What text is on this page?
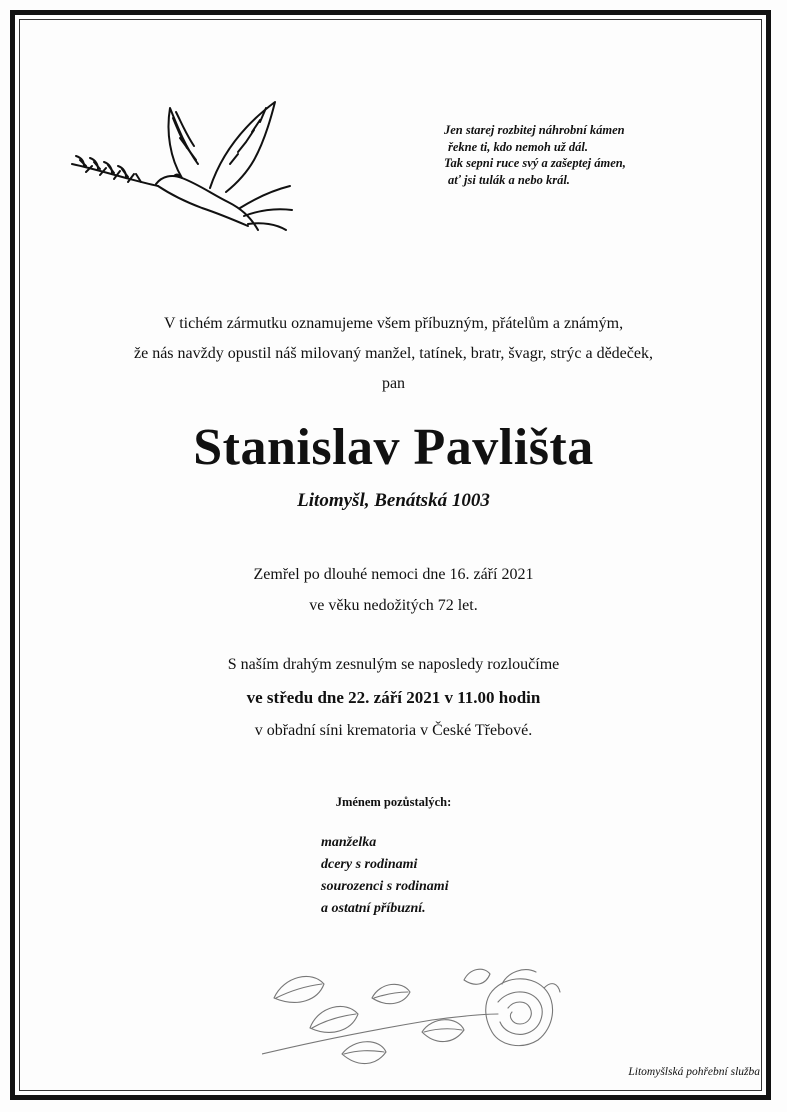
Jen starej rozbitej náhrobní kámen
řekne ti, kdo nemoh už dál.
Tak sepni ruce svý a zašeptej ámen,
ať jsi tulák a nebo král.
V tichém zármutku oznamujeme všem příbuzným, přátelům a známým,
že nás navždy opustil náš milovaný manžel, tatínek, bratr, švagr, strýc a dědeček,
pan
Stanislav Pavlišta
Litomyšl, Benátská 1003
Zemřel po dlouhé nemoci dne 16. září 2021
ve věku nedožitých 72 let.
S naším drahým zesnulým se naposledy rozloučíme
ve středu dne 22. září 2021 v 11.00 hodin
v obřadní síni krematoria v České Třebové.
Jménem pozůstalých:
manželka
dcery s rodinami
sourozenci s rodinami
a ostatní příbuzní.
Litomyšlská pohřební služba
